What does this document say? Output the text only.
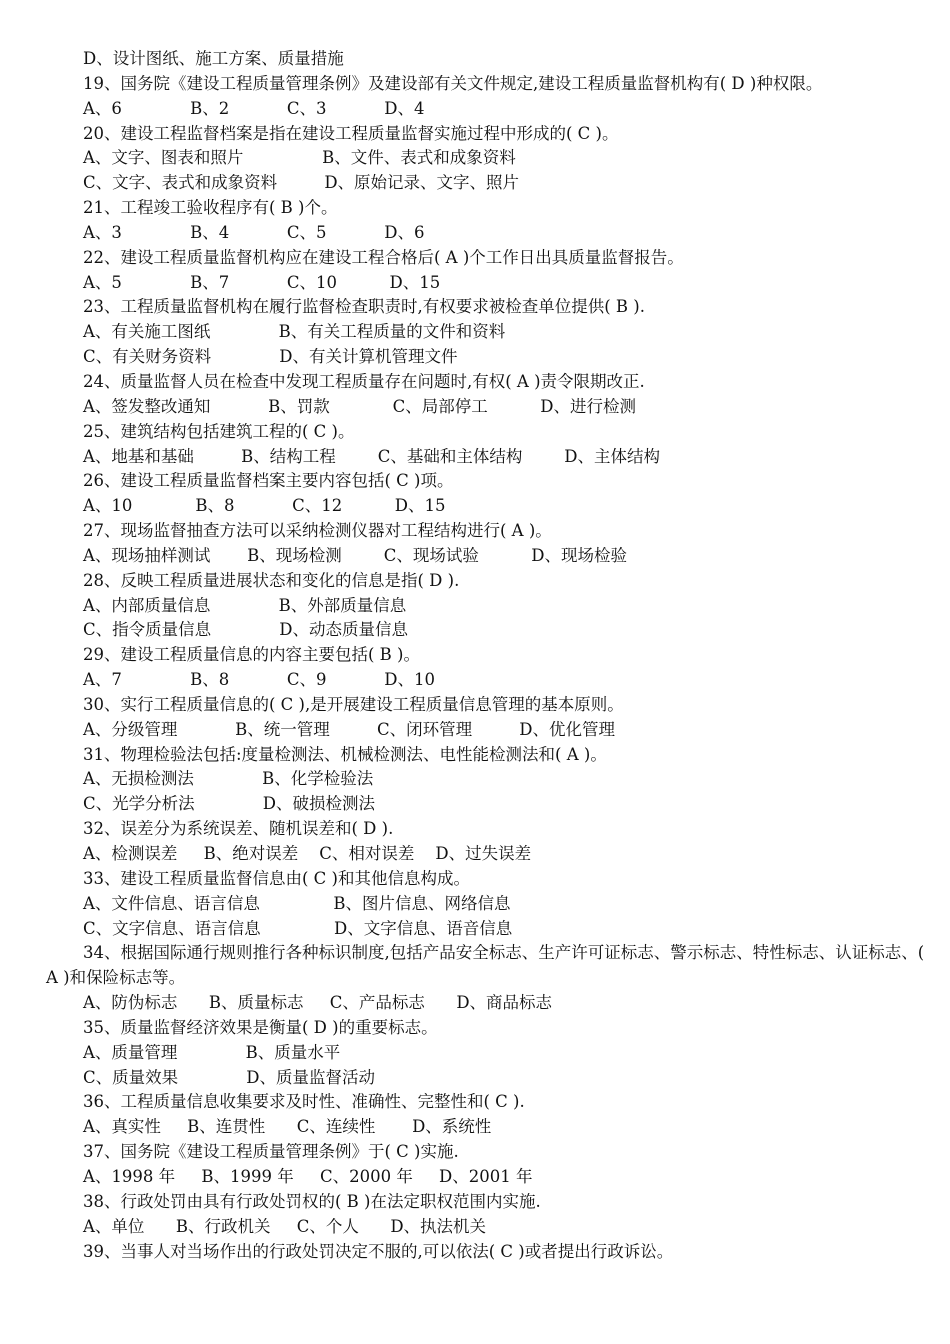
D、设计图纸、施工方案、质量措施
19、国务院《建设工程质量管理条例》及建设部有关文件规定,建设工程质量监督机构有( D )种权限。
A、6             B、2           C、3           D、4
20、建设工程监督档案是指在建设工程质量监督实施过程中形成的( C )。
A、文字、图表和照片               B、文件、表式和成象资料
C、文字、表式和成象资料         D、原始记录、文字、照片
21、工程竣工验收程序有( B )个。
A、3             B、4           C、5           D、6
22、建设工程质量监督机构应在建设工程合格后( A )个工作日出具质量监督报告。
A、5             B、7           C、10          D、15
23、工程质量监督机构在履行监督检查职责时,有权要求被检查单位提供( B ).
A、有关施工图纸             B、有关工程质量的文件和资料
C、有关财务资料             D、有关计算机管理文件
24、质量监督人员在检查中发现工程质量存在问题时,有权( A )责令限期改正.
A、签发整改通知           B、罚款            C、局部停工          D、进行检测
25、建筑结构包括建筑工程的( C )。
A、地基和基础         B、结构工程        C、基础和主体结构        D、主体结构
26、建设工程质量监督档案主要内容包括( C )项。
A、10            B、8           C、12          D、15
27、现场监督抽查方法可以采纳检测仪器对工程结构进行( A )。
A、现场抽样测试       B、现场检测        C、现场试验          D、现场检验
28、反映工程质量进展状态和变化的信息是指( D ).
A、内部质量信息             B、外部质量信息
C、指令质量信息             D、动态质量信息
29、建设工程质量信息的内容主要包括( B )。
A、7             B、8           C、9           D、10
30、实行工程质量信息的( C ),是开展建设工程质量信息管理的基本原则。
A、分级管理           B、统一管理         C、闭环管理         D、优化管理
31、物理检验法包括:度量检测法、机械检测法、电性能检测法和( A )。
A、无损检测法             B、化学检验法
C、光学分析法             D、破损检测法
32、误差分为系统误差、随机误差和( D ).
A、检测误差     B、绝对误差    C、相对误差    D、过失误差
33、建设工程质量监督信息由( C )和其他信息构成。
A、文件信息、语言信息              B、图片信息、网络信息
C、文字信息、语言信息              D、文字信息、语音信息
34、根据国际通行规则推行各种标识制度,包括产品安全标志、生产许可证标志、警示标志、特性标志、认证标志、( A )和保险标志等。
A、防伪标志      B、质量标志     C、产品标志      D、商品标志
35、质量监督经济效果是衡量( D )的重要标志。
A、质量管理             B、质量水平
C、质量效果             D、质量监督活动
36、工程质量信息收集要求及时性、准确性、完整性和( C ).
A、真实性     B、连贯性      C、连续性       D、系统性
37、国务院《建设工程质量管理条例》于( C )实施.
A、1998 年     B、1999 年     C、2000 年     D、2001 年
38、行政处罚由具有行政处罚权的( B )在法定职权范围内实施.
A、单位      B、行政机关     C、个人      D、执法机关
39、当事人对当场作出的行政处罚决定不服的,可以依法( C )或者提出行政诉讼。
